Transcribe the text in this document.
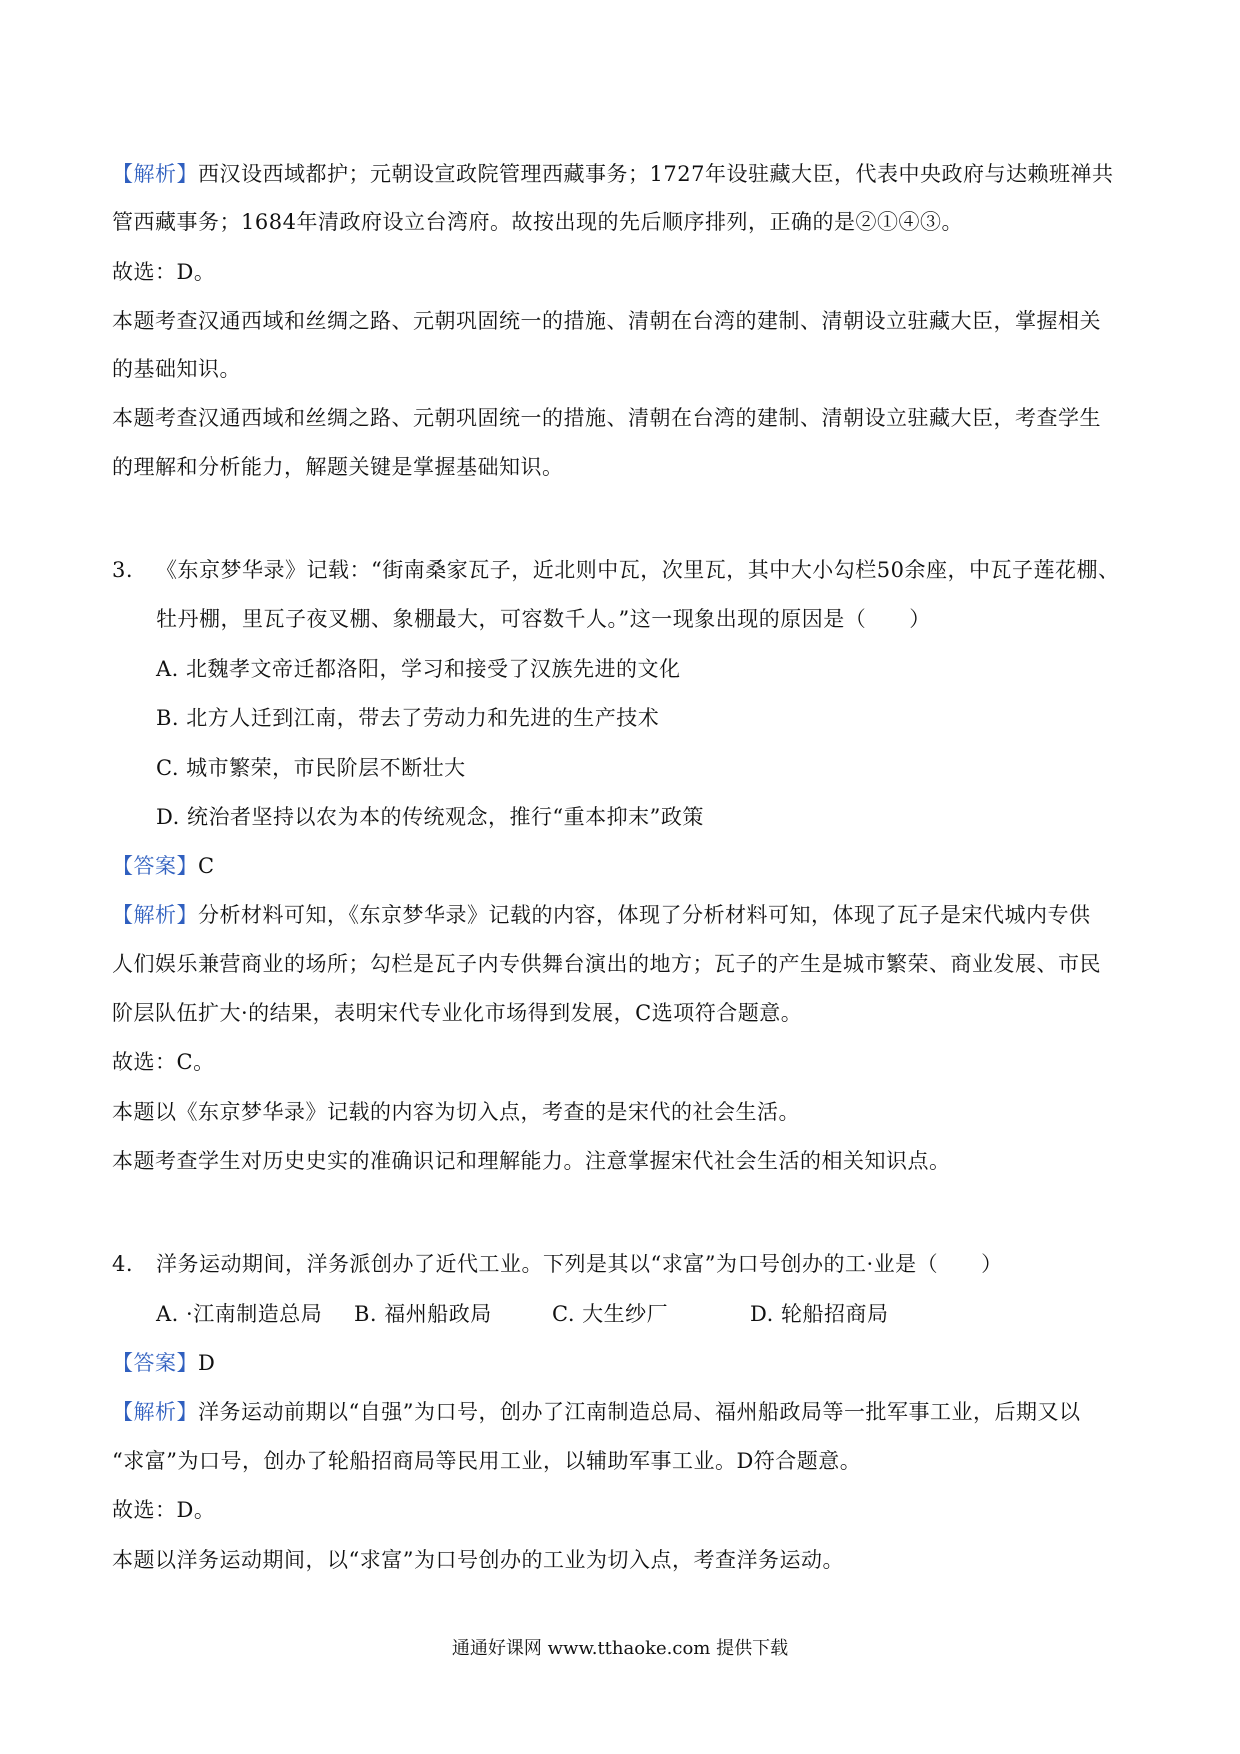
【解析】西汉设西域都护；元朝设宣政院管理西藏事务；1727年设驻藏大臣，代表中央政府与达赖班禅共
管西藏事务；1684年清政府设立台湾府。故按出现的先后顺序排列，正确的是②①④③。
故选：D。
本题考查汉通西域和丝绸之路、元朝巩固统一的措施、清朝在台湾的建制、清朝设立驻藏大臣，掌握相关
的基础知识。
本题考查汉通西域和丝绸之路、元朝巩固统一的措施、清朝在台湾的建制、清朝设立驻藏大臣，考查学生
的理解和分析能力，解题关键是掌握基础知识。
3. 《东京梦华录》记载：“街南桑家瓦子，近北则中瓦，次里瓦，其中大小勾栏50余座，中瓦子莲花棚、
牡丹棚，里瓦子夜叉棚、象棚最大，可容数千人。”这一现象出现的原因是（　　）
A. 北魏孝文帝迁都洛阳，学习和接受了汉族先进的文化
B. 北方人迁到江南，带去了劳动力和先进的生产技术
C. 城市繁荣，市民阶层不断壮大
D. 统治者坚持以农为本的传统观念，推行“重本抑末”政策
【答案】C
【解析】分析材料可知，《东京梦华录》记载的内容，体现了分析材料可知，体现了瓦子是宋代城内专供
人们娱乐兼营商业的场所；勾栏是瓦子内专供舞台演出的地方；瓦子的产生是城市繁荣、商业发展、市民
阶层队伍扩大·的结果，表明宋代专业化市场得到发展，C选项符合题意。
故选：C。
本题以《东京梦华录》记载的内容为切入点，考查的是宋代的社会生活。
本题考查学生对历史史实的准确识记和理解能力。注意掌握宋代社会生活的相关知识点。
4. 洋务运动期间，洋务派创办了近代工业。下列是其以“求富”为口号创办的工·业是（　　）
A. ·江南制造总局	B. 福州船政局	C. 大生纱厂	D. 轮船招商局
【答案】D
【解析】洋务运动前期以“自强”为口号，创办了江南制造总局、福州船政局等一批军事工业，后期又以
“求富”为口号，创办了轮船招商局等民用工业，以辅助军事工业。D符合题意。
故选：D。
本题以洋务运动期间，以“求富”为口号创办的工业为切入点，考查洋务运动。
通通好课网 www.tthaoke.com 提供下载
